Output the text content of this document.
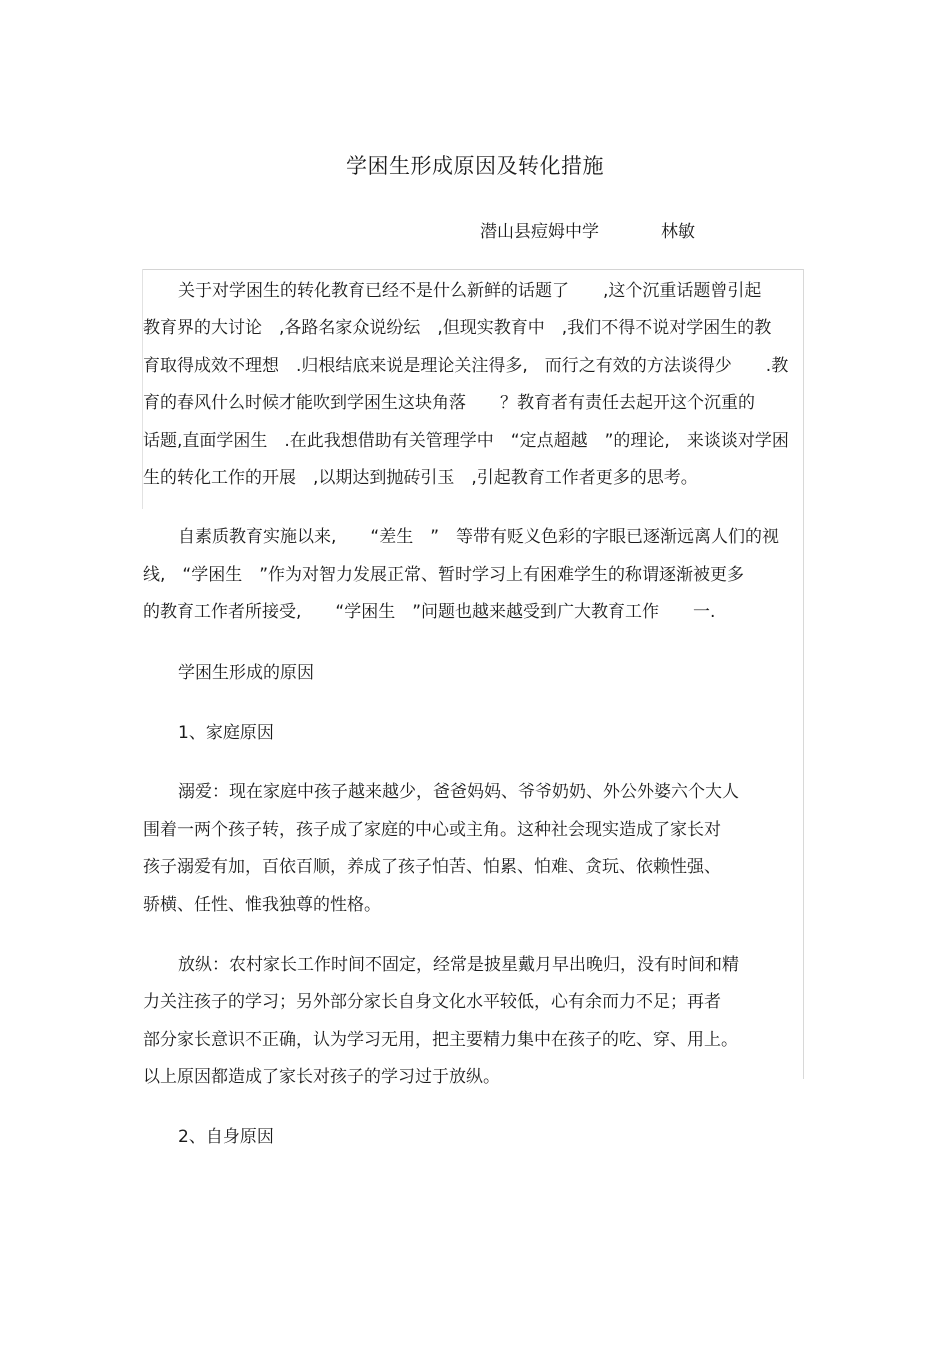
学困生形成原因及转化措施
潜山县痘姆中学	林敏
关于对学困生的转化教育已经不是什么新鲜的话题了　　,这个沉重话题曾引起
教育界的大讨论　,各路名家众说纷纭　,但现实教育中　,我们不得不说对学困生的教
育取得成效不理想　.归根结底来说是理论关注得多,　而行之有效的方法谈得少　　.教
育的春风什么时候才能吹到学困生这块角落　　？教育者有责任去起开这个沉重的
话题,直面学困生　.在此我想借助有关管理学中　“定点超越　”的理论,　来谈谈对学困
生的转化工作的开展　,以期达到抛砖引玉　,引起教育工作者更多的思考。
自素质教育实施以来,　　“差生　”　等带有贬义色彩的字眼已逐渐远离人们的视
线,　“学困生　”作为对智力发展正常、暂时学习上有困难学生的称谓逐渐被更多
的教育工作者所接受,　　“学困生　”问题也越来越受到广大教育工作　　一.
学困生形成的原因
1、家庭原因
溺爱：现在家庭中孩子越来越少，爸爸妈妈、爷爷奶奶、外公外婆六个大人
围着一两个孩子转，孩子成了家庭的中心或主角。这种社会现实造成了家长对
孩子溺爱有加，百依百顺，养成了孩子怕苦、怕累、怕难、贪玩、依赖性强、
骄横、任性、惟我独尊的性格。
放纵：农村家长工作时间不固定，经常是披星戴月早出晚归，没有时间和精
力关注孩子的学习；另外部分家长自身文化水平较低，心有余而力不足；再者
部分家长意识不正确，认为学习无用，把主要精力集中在孩子的吃、穿、用上。
以上原因都造成了家长对孩子的学习过于放纵。
2、自身原因
